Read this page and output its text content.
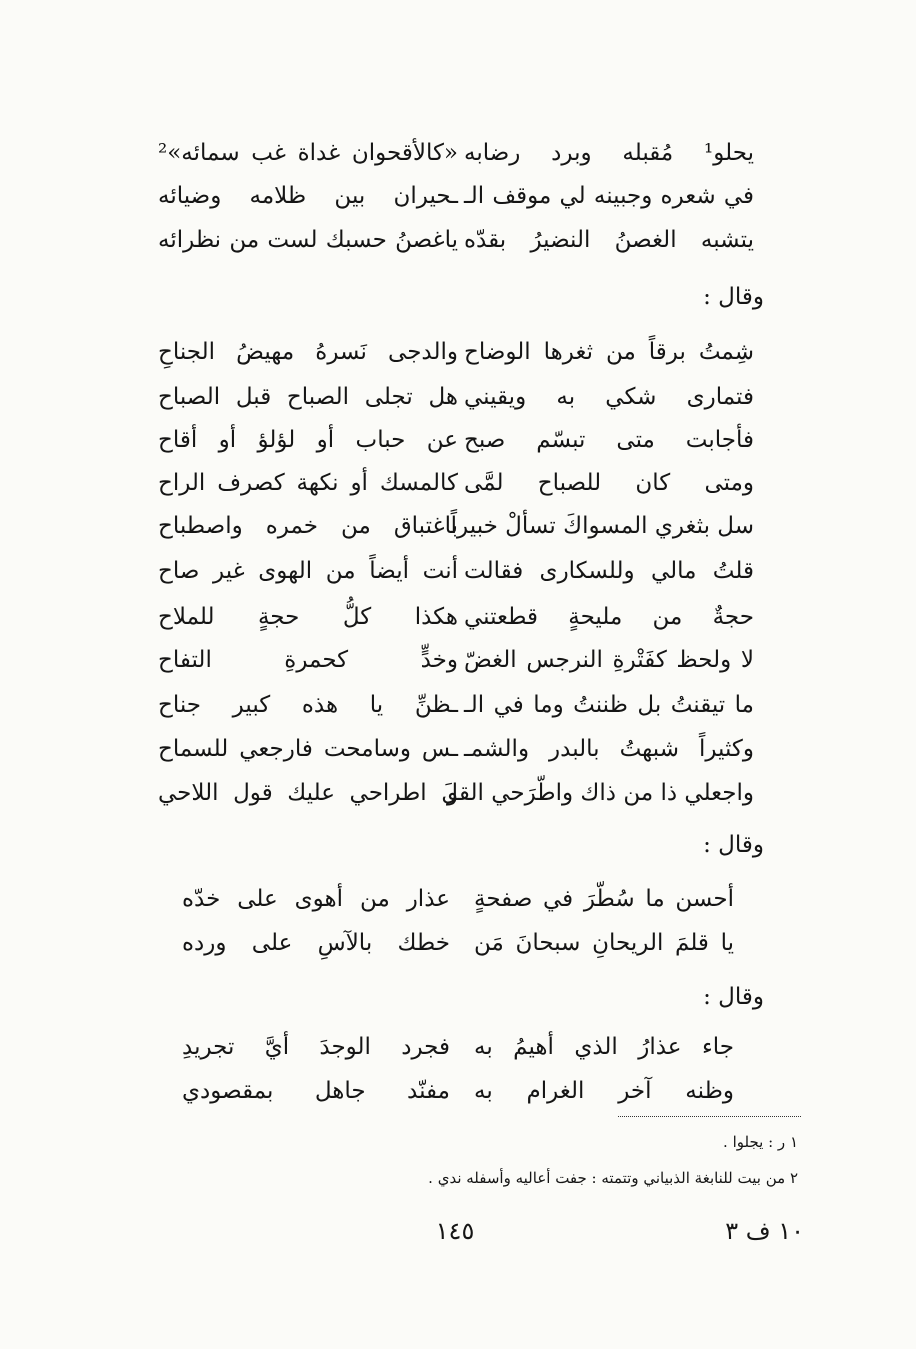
يحلو¹ مُقبله وبرد رضابه
«كالأقحوان غداة غب سمائه»²
في شعره وجبينه لي موقف الـ
ـحيران بين ظلامه وضيائه
يتشبه الغصنُ النضيرُ بقدّه
ياغصنُ حسبك لست من نظرائه
وقال :
شِمتُ برقاً من ثغرها الوضاح
والدجى نَسرهُ مهيضُ الجناحِ
فتمارى شكي به ويقيني
هل تجلى الصباح قبل الصباح
فأجابت متى تبسّم صبح
عن حباب أو لؤلؤ أو أقاح
ومتى كان للصباح لمَّى
كالمسك أو نكهة كصرف الراح
سل بثغري المسواكَ تسألْ خبيراً
باغتباق من خمره واصطباح
قلتُ مالي وللسكارى فقالت
أنت أيضاً من الهوى غير صاح
حجةٌ من مليحةٍ قطعتني
هكذا كلُّ حجةٍ للملاح
لا ولحظ كفَتْرةِ النرجس الغضّ
وخدٍّ كحمرةِ التفاح
ما تيقنتُ بل ظننتُ وما في الـ
ـظنِّ يا هذه كبير جناح
وكثيراً شبهتُ بالبدر والشمـ
ـس وسامحت فارجعي للسماح
واجعلي ذا من ذاك واطّرَحي القو
لَ اطراحي عليك قول اللاحي
وقال :
أحسن ما سُطّرَ في صفحةٍ
عذار من أهوى على خدّه
يا قلمَ الريحانِ سبحانَ مَن
خطك بالآسِ على ورده
وقال :
جاء عذارُ الذي أهيمُ به
فجرد الوجدَ أيَّ تجريدِ
وظنه آخر الغرام به
مفنّد جاهل بمقصودي
١ ر : يجلوا .
٢ من بيت للنابغة الذبياني وتتمته : جفت أعاليه وأسفله ندي .
١٤٥	١٠ ف ٣
